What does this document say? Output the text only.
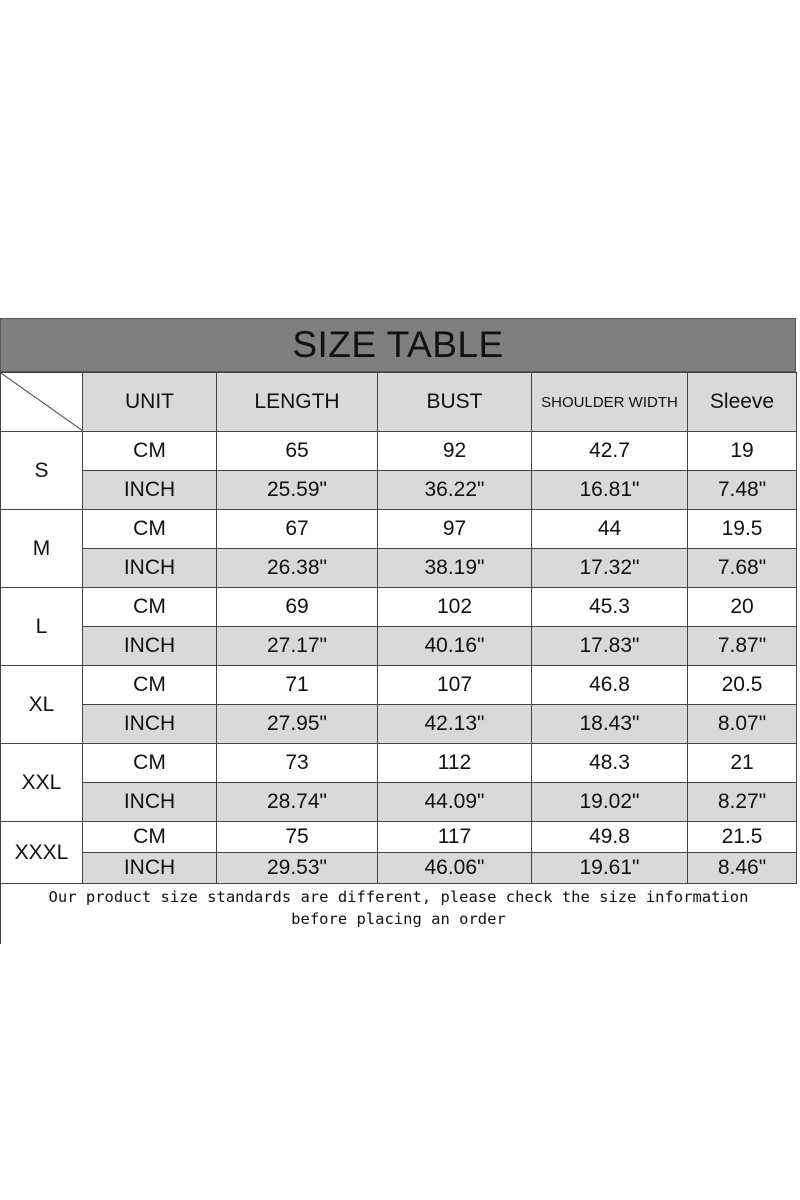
SIZE TABLE
	UNIT	LENGTH	BUST	SHOULDER WIDTH	Sleeve
S	CM	65	92	42.7	19
	INCH	25.59"	36.22"	16.81"	7.48"
M	CM	67	97	44	19.5
	INCH	26.38"	38.19"	17.32"	7.68"
L	CM	69	102	45.3	20
	INCH	27.17"	40.16"	17.83"	7.87"
XL	CM	71	107	46.8	20.5
	INCH	27.95"	42.13"	18.43"	8.07"
XXL	CM	73	112	48.3	21
	INCH	28.74"	44.09"	19.02"	8.27"
XXXL	CM	75	117	49.8	21.5
	INCH	29.53"	46.06"	19.61"	8.46"
Our product size standards are different, please check the size information
before placing an order
